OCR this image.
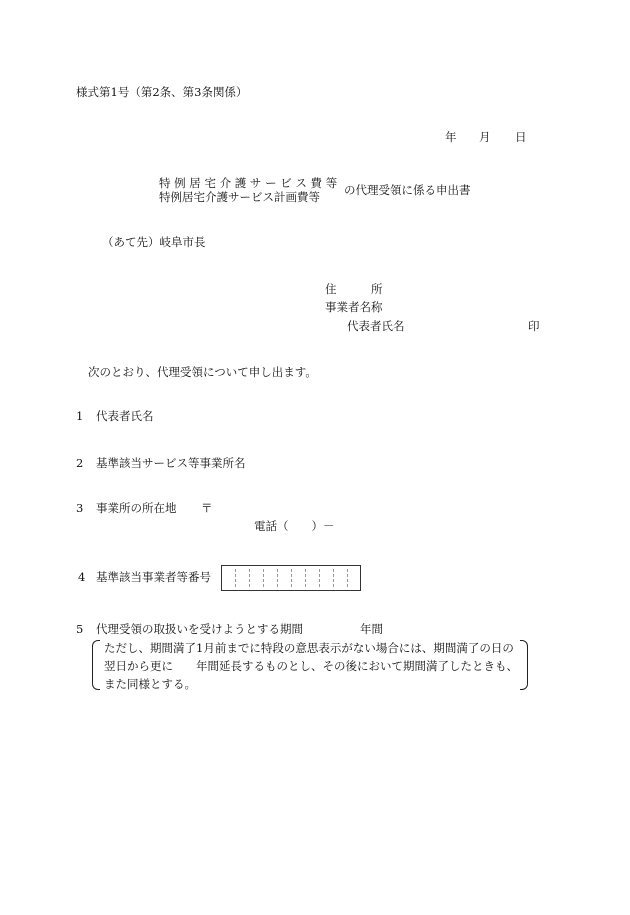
様式第1号（第2条、第3条関係）
年 月 日
特 例 居 宅 介 護 サ ー ビ ス 費 等
特例居宅介護サービス計画費等 の代理受領に係る申出書
（あて先）岐阜市長
住　　　所
事業者名称
代表者氏名	印
次のとおり、代理受領について申し出ます。
1 代表者氏名
2 基準該当サービス等事業所名
3 事業所の所在地 〒
電話（　　）－
4 基準該当事業者等番号
5 代理受領の取扱いを受けようとする期間	年間
ただし、期間満了1月前までに特段の意思表示がない場合には、期間満了の日の
翌日から更に　　年間延長するものとし、その後において期間満了したときも、
また同様とする。
